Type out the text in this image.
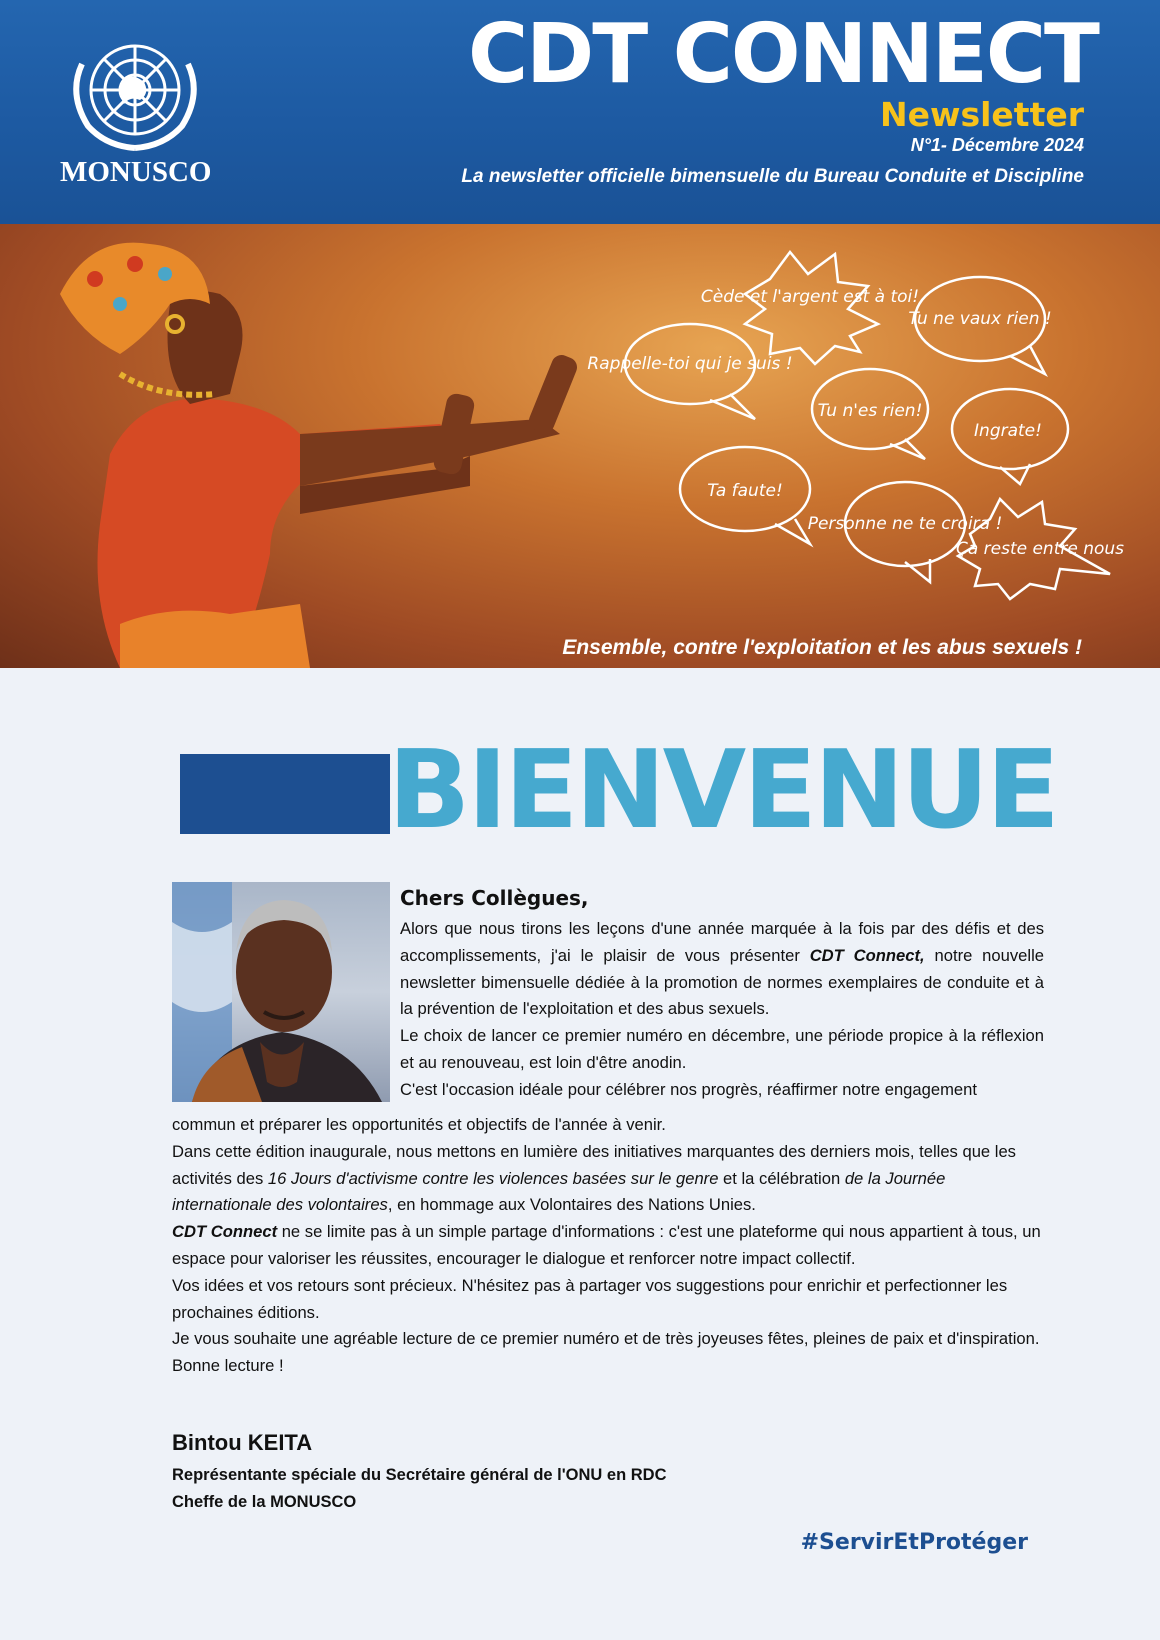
MONUSCO
CDT CONNECT
Newsletter
N°1- Décembre 2024
La newsletter officielle bimensuelle du Bureau Conduite et Discipline
Cède et l'argent est à toi!
Tu ne vaux rien !
Rappelle-toi qui je suis !
Tu n'es rien!
Ingrate!
Ta faute!
Personne ne te croira !
Ça reste entre nous
Ensemble, contre l'exploitation et les abus sexuels !
BIENVENUE
Chers Collègues,

Alors que nous tirons les leçons d'une année marquée à la fois par des défis et des accomplissements, j'ai le plaisir de vous présenter CDT Connect, notre nouvelle newsletter bimensuelle dédiée à la promotion de normes exemplaires de conduite et à la prévention de l'exploitation et des abus sexuels.

Le choix de lancer ce premier numéro en décembre, une période propice à la réflexion et au renouveau, est loin d'être anodin.

C'est l'occasion idéale pour célébrer nos progrès, réaffirmer notre engagement

commun et préparer les opportunités et objectifs de l'année à venir.

Dans cette édition inaugurale, nous mettons en lumière des initiatives marquantes des derniers mois, telles que les activités des 16 Jours d'activisme contre les violences basées sur le genre et la célébration de la Journée internationale des volontaires, en hommage aux Volontaires des Nations Unies.

CDT Connect ne se limite pas à un simple partage d'informations : c'est une plateforme qui nous appartient à tous, un espace pour valoriser les réussites, encourager le dialogue et renforcer notre impact collectif.

Vos idées et vos retours sont précieux. N'hésitez pas à partager vos suggestions pour enrichir et perfectionner les prochaines éditions.

Je vous souhaite une agréable lecture de ce premier numéro et de très joyeuses fêtes, pleines de paix et d'inspiration.

Bonne lecture !

Bintou KEITA
Représentante spéciale du Secrétaire général de l'ONU en RDC
Cheffe de la MONUSCO
#ServirEtProtéger
